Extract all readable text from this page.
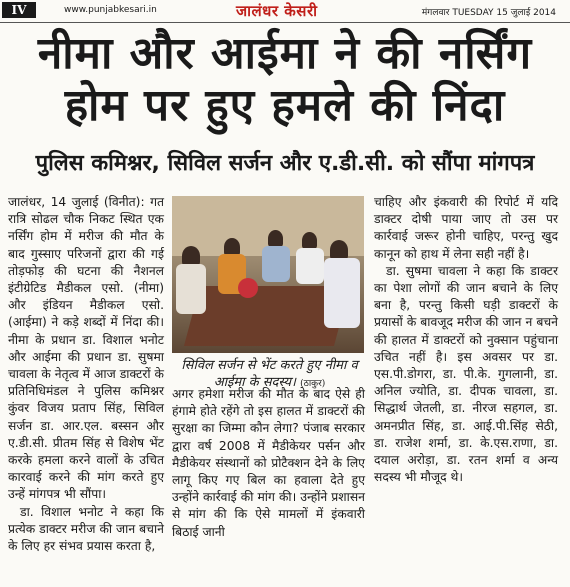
IV	www.punjabkesari.in	जालंधर केसरी	मंगलवार TUESDAY 15 जुलाई 2014
नीमा और आईमा ने की नर्सिंग
होम पर हुए हमले की निंदा
पुलिस कमिश्नर, सिविल सर्जन और ए.डी.सी. को सौंपा मांगपत्र

जालंधर, 14 जुलाई (विनीत): गत रात्रि सोढल चौक निकट स्थित एक नर्सिंग होम में मरीज की मौत के बाद गुस्साए परिजनों द्वारा की गई तोड़फोड़ की घटना की नैशनल इंटीग्रेटिड मैडीकल एसो. (नीमा) और इंडियन मैडीकल एसो. (आईमा) ने कड़े शब्दों में निंदा की। नीमा के प्रधान डा. विशाल भनोट और आईमा की प्रधान डा. सुषमा चावला के नेतृत्व में आज डाक्टरों के प्रतिनिधिमंडल ने पुलिस कमिश्नर कुंवर विजय प्रताप सिंह, सिविल सर्जन डा. आर.एल. बस्सन और ए.डी.सी. प्रीतम सिंह से विशेष भेंट करके हमला करने वालों के उचित कारवाई करने की मांग करते हुए उन्हें मांगपत्र भी सौंपा।

डा. विशाल भनोट ने कहा कि प्रत्येक डाक्टर मरीज की जान बचाने के लिए हर संभव प्रयास करता है,

सिविल सर्जन से भेंट करते हुए नीमा व आईमा के सदस्य। (ठाकुर)

अगर हमेशा मरीज की मौत के बाद ऐसे ही हंगामे होते रहेंगे तो इस हालत में डाक्टरों की सुरक्षा का जिम्मा कौन लेगा? पंजाब सरकार द्वारा वर्ष 2008 में मैडीकेयर पर्सन और मैडीकेयर संस्थानों को प्रोटैक्शन देने के लिए लागू किए गए बिल का हवाला देते हुए उन्होंने कार्रवाई की मांग की। उन्होंने प्रशासन से मांग की कि ऐसे मामलों में इंकवारी बिठाई जानी

चाहिए और इंकवारी की रिपोर्ट में यदि डाक्टर दोषी पाया जाए तो उस पर कार्रवाई जरूर होनी चाहिए, परन्तु खुद कानून को हाथ में लेना सही नहीं है।

डा. सुषमा चावला ने कहा कि डाक्टर का पेशा लोगों की जान बचाने के लिए बना है, परन्तु किसी घड़ी डाक्टरों के प्रयासों के बावजूद मरीज की जान न बचने की हालत में डाक्टरों को नुक्सान पहुंचाना उचित नहीं है। इस अवसर पर डा. एस.पी.डोगरा, डा. पी.के. गुगलानी, डा. अनिल ज्योति, डा. दीपक चावला, डा. सिद्धार्थ जेतली, डा. नीरज सहगल, डा. अमनप्रीत सिंह, डा. आई.पी.सिंह सेठी, डा. राजेश शर्मा, डा. के.एस.राणा, डा. दयाल अरोड़ा, डा. रतन शर्मा व अन्य सदस्य भी मौजूद थे।
